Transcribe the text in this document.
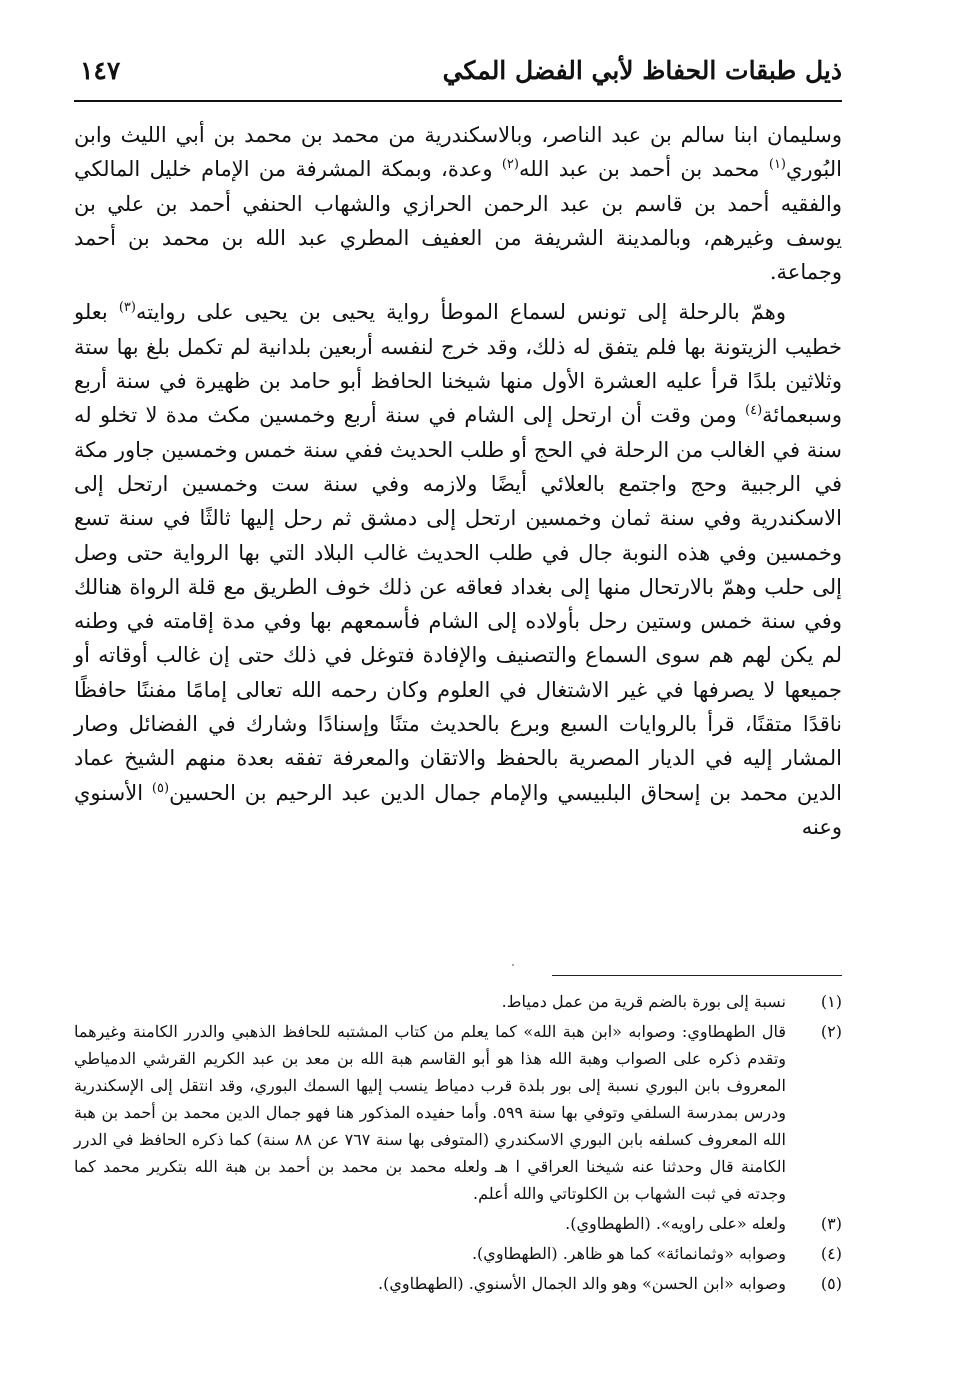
ذيل طبقات الحفاظ لأبي الفضل المكي
١٤٧

وسليمان ابنا سالم بن عبد الناصر، وبالاسكندرية من محمد بن محمد بن أبي الليث وابن البُوري$^{(١)}$ محمد بن أحمد بن عبد الله$^{(٢)}$ وعدة، وبمكة المشرفة من الإمام خليل المالكي والفقيه أحمد بن قاسم بن عبد الرحمن الحرازي والشهاب الحنفي أحمد بن علي بن يوسف وغيرهم، وبالمدينة الشريفة من العفيف المطري عبد الله بن محمد بن أحمد وجماعة.

وهمّ بالرحلة إلى تونس لسماع الموطأ رواية يحيى بن يحيى على روايته$^{(٣)}$ بعلو خطيب الزيتونة بها فلم يتفق له ذلك، وقد خرج لنفسه أربعين بلدانية لم تكمل بلغ بها ستة وثلاثين بلدًا قرأ عليه العشرة الأول منها شيخنا الحافظ أبو حامد بن ظهيرة في سنة أربع وسبعمائة$^{(٤)}$ ومن وقت أن ارتحل إلى الشام في سنة أربع وخمسين مكث مدة لا تخلو له سنة في الغالب من الرحلة في الحج أو طلب الحديث ففي سنة خمس وخمسين جاور مكة في الرجبية وحج واجتمع بالعلائي أيضًا ولازمه وفي سنة ست وخمسين ارتحل إلى الاسكندرية وفي سنة ثمان وخمسين ارتحل إلى دمشق ثم رحل إليها ثالثًا في سنة تسع وخمسين وفي هذه النوبة جال في طلب الحديث غالب البلاد التي بها الرواية حتى وصل إلى حلب وهمّ بالارتحال منها إلى بغداد فعاقه عن ذلك خوف الطريق مع قلة الرواة هنالك وفي سنة خمس وستين رحل بأولاده إلى الشام فأسمعهم بها وفي مدة إقامته في وطنه لم يكن لهم هم سوى السماع والتصنيف والإفادة فتوغل في ذلك حتى إن غالب أوقاته أو جميعها لا يصرفها في غير الاشتغال في العلوم وكان رحمه الله تعالى إمامًا مفننًا حافظًا ناقدًا متقنًا، قرأ بالروايات السبع وبرع بالحديث متنًا وإسنادًا وشارك في الفضائل وصار المشار إليه في الديار المصرية بالحفظ والاتقان والمعرفة تفقه بعدة منهم الشيخ عماد الدين محمد بن إسحاق البلبيسي والإمام جمال الدين عبد الرحيم بن الحسين$^{(٥)}$ الأسنوي وعنه

(١)
نسبة إلى بورة بالضم قرية من عمل دمياط.
(٢)
قال الطهطاوي: وصوابه «ابن هبة الله» كما يعلم من كتاب المشتبه للحافظ الذهبي والدرر الكامنة وغيرهما وتقدم ذكره على الصواب وهبة الله هذا هو أبو القاسم هبة الله بن معد بن عبد الكريم القرشي الدمياطي المعروف بابن البوري نسبة إلى بور بلدة قرب دمياط ينسب إليها السمك البوري، وقد انتقل إلى الإسكندرية ودرس بمدرسة السلفي وتوفي بها سنة ٥٩٩. وأما حفيده المذكور هنا فهو جمال الدين محمد بن أحمد بن هبة الله المعروف كسلفه بابن البوري الاسكندري (المتوفى بها سنة ٧٦٧ عن ٨٨ سنة) كما ذكره الحافظ في الدرر الكامنة قال وحدثنا عنه شيخنا العراقي ا هـ ولعله محمد بن محمد بن أحمد بن هبة الله بتكرير محمد كما وجدته في ثبت الشهاب بن الكلوتاتي والله أعلم.
(٣)
ولعله «على راويه». (الطهطاوي).
(٤)
وصوابه «وثمانمائة» كما هو ظاهر. (الطهطاوي).
(٥)
وصوابه «ابن الحسن» وهو والد الجمال الأسنوي. (الطهطاوي).
